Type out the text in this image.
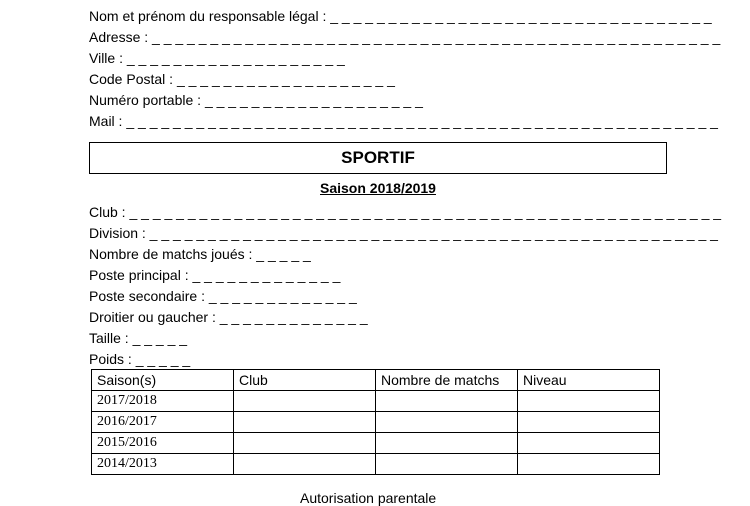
Nom et prénom du responsable légal : _ _ _ _ _ _ _ _ _ _ _ _ _ _ _ _ _ _ _ _ _ _ _ _ _ _ _ _ _ _ _ _ _
Adresse : _ _ _ _ _ _ _ _ _ _ _ _ _ _ _ _ _ _ _ _ _ _ _ _ _ _ _ _ _ _ _ _ _ _ _ _ _ _ _ _ _ _ _ _ _ _ _ _ _
Ville : _ _ _ _ _ _ _ _ _ _ _ _ _ _ _ _ _ _ _
Code Postal : _ _ _ _ _ _ _ _ _ _ _ _ _ _ _ _ _ _ _
Numéro portable : _ _ _ _ _ _ _ _ _ _ _ _ _ _ _ _ _ _ _
Mail : _ _ _ _ _ _ _ _ _ _ _ _ _ _ _ _ _ _ _ _ _ _ _ _ _ _ _ _ _ _ _ _ _ _ _ _ _ _ _ _ _ _ _ _ _ _ _ _ _ _ _
SPORTIF
Saison 2018/2019
Club : _ _ _ _ _ _ _ _ _ _ _ _ _ _ _ _ _ _ _ _ _ _ _ _ _ _ _ _ _ _ _ _ _ _ _ _ _ _ _ _ _ _ _ _ _ _ _ _ _ _ _
Division : _ _ _ _ _ _ _ _ _ _ _ _ _ _ _ _ _ _ _ _ _ _ _ _ _ _ _ _ _ _ _ _ _ _ _ _ _ _ _ _ _ _ _ _ _ _ _ _ _
Nombre de matchs joués : _ _ _ _ _
Poste principal : _ _ _ _ _ _ _ _ _ _ _ _ _
Poste secondaire : _ _ _ _ _ _ _ _ _ _ _ _ _
Droitier ou gaucher : _ _ _ _ _ _ _ _ _ _ _ _ _
Taille : _ _ _ _ _
Poids : _ _ _ _ _
Saison(s)	Club	Nombre de matchs	Niveau
2017/2018			
2016/2017			
2015/2016			
2014/2013			
Autorisation parentale
